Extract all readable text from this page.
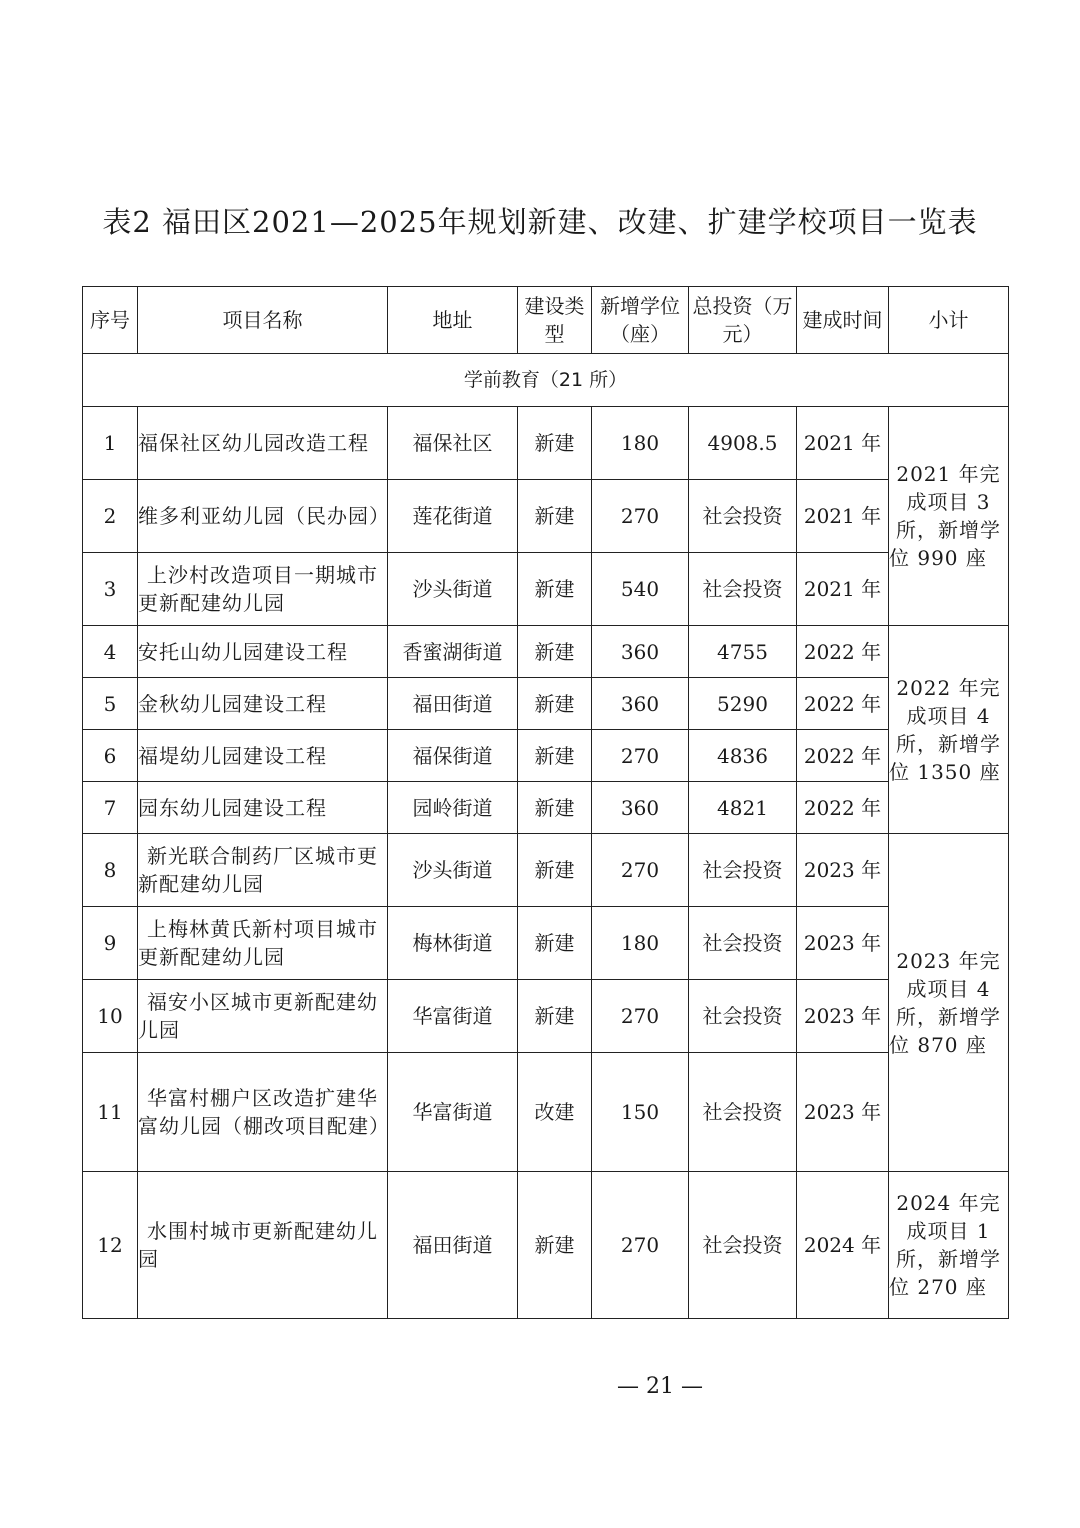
表2 福田区2021—2025年规划新建、改建、扩建学校项目一览表
序号	项目名称	地址	建设类型	新增学位（座）	总投资（万元）	建成时间	小计
学前教育（21 所）							
1	福保社区幼儿园改造工程	福保社区	新建	180	4908.5	2021 年	2021 年完成项目 3 所，新增学位 990 座
2	维多利亚幼儿园（民办园）	莲花街道	新建	270	社会投资	2021 年	
3	上沙村改造项目一期城市更新配建幼儿园	沙头街道	新建	540	社会投资	2021 年	
4	安托山幼儿园建设工程	香蜜湖街道	新建	360	4755	2022 年	2022 年完成项目 4 所，新增学位 1350 座
5	金秋幼儿园建设工程	福田街道	新建	360	5290	2022 年	
6	福堤幼儿园建设工程	福保街道	新建	270	4836	2022 年	
7	园东幼儿园建设工程	园岭街道	新建	360	4821	2022 年	
8	新光联合制药厂区城市更新配建幼儿园	沙头街道	新建	270	社会投资	2023 年	2023 年完成项目 4 所，新增学位 870 座
9	上梅林黄氏新村项目城市更新配建幼儿园	梅林街道	新建	180	社会投资	2023 年	
10	福安小区城市更新配建幼儿园	华富街道	新建	270	社会投资	2023 年	
11	华富村棚户区改造扩建华富幼儿园（棚改项目配建）	华富街道	改建	150	社会投资	2023 年	
12	水围村城市更新配建幼儿园	福田街道	新建	270	社会投资	2024 年	2024 年完成项目 1 所，新增学位 270 座
— 21 —
